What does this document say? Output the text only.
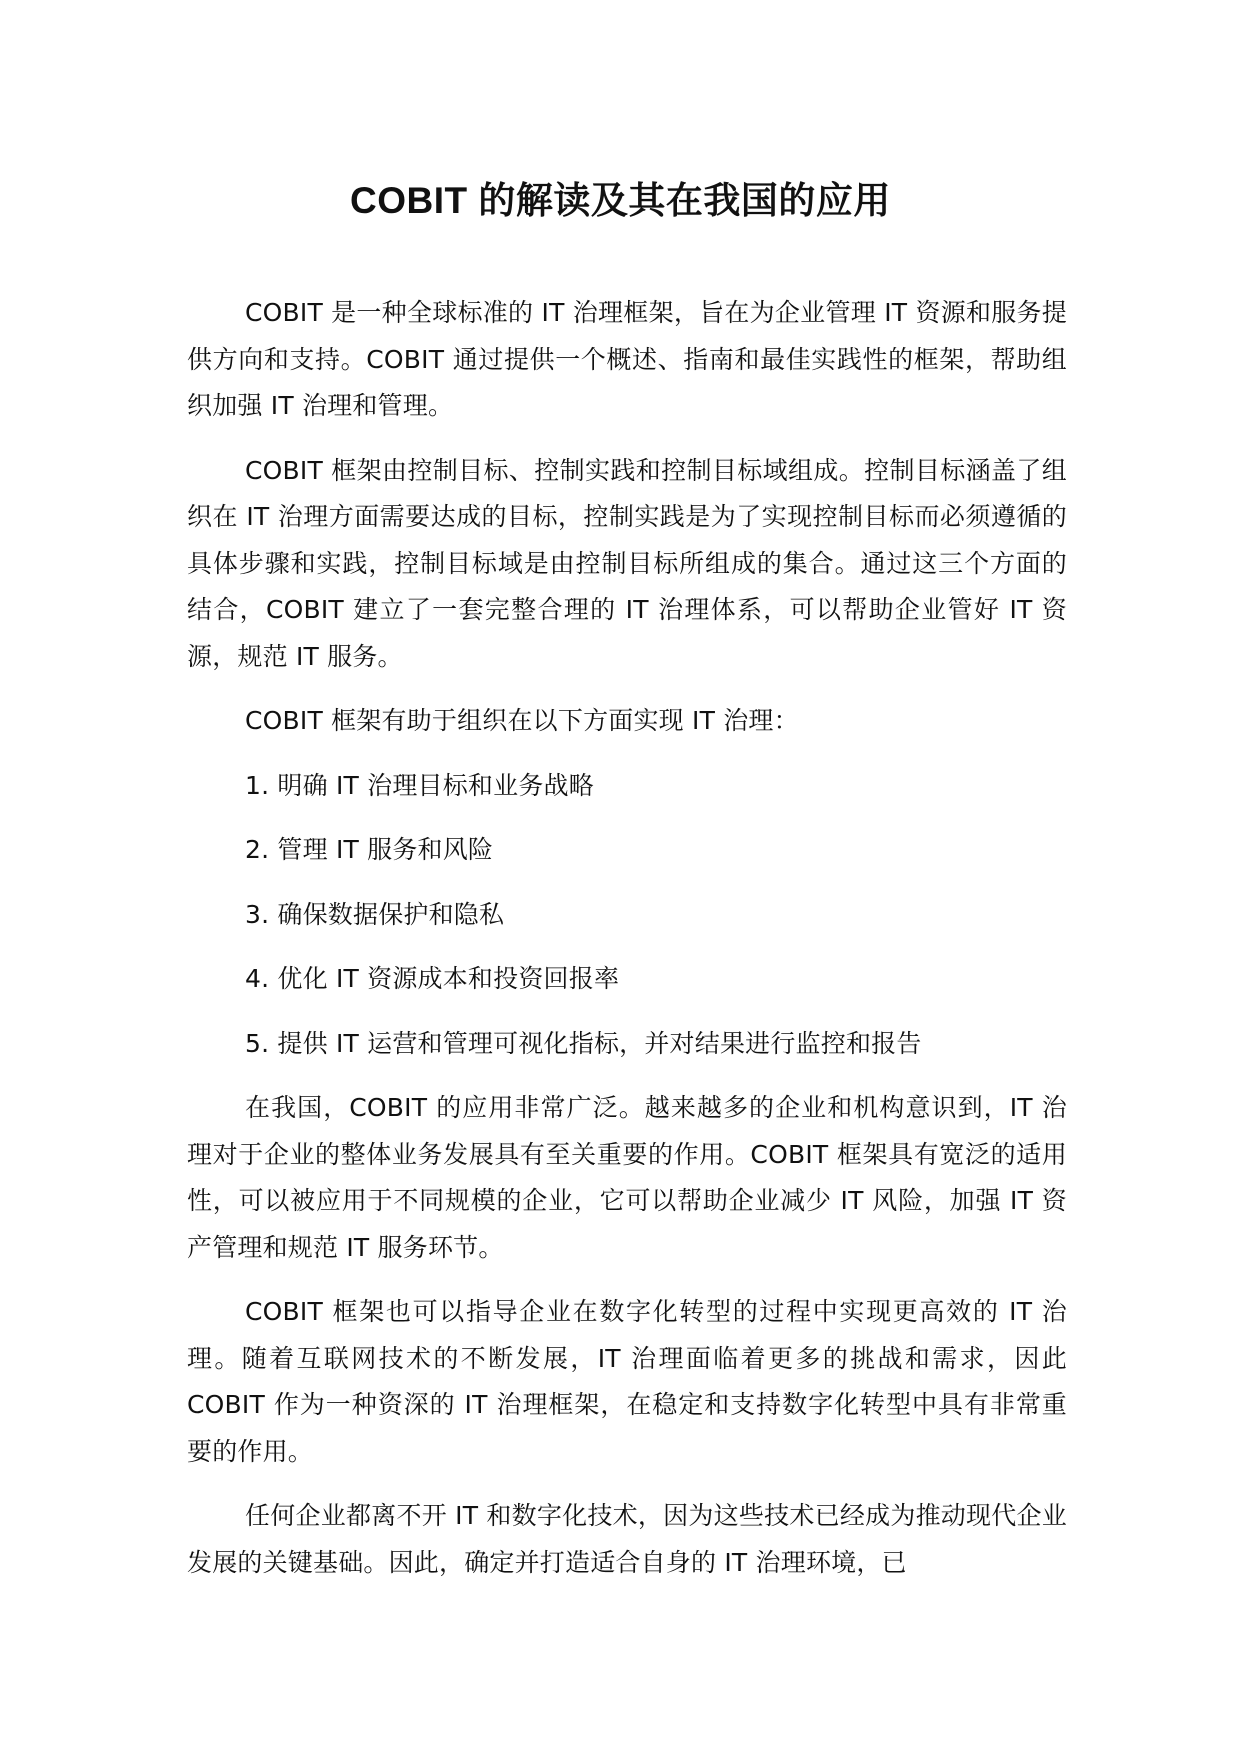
COBIT 的解读及其在我国的应用

COBIT 是一种全球标准的 IT 治理框架，旨在为企业管理 IT 资源和服务提供方向和支持。COBIT 通过提供一个概述、指南和最佳实践性的框架，帮助组织加强 IT 治理和管理。

COBIT 框架由控制目标、控制实践和控制目标域组成。控制目标涵盖了组织在 IT 治理方面需要达成的目标，控制实践是为了实现控制目标而必须遵循的具体步骤和实践，控制目标域是由控制目标所组成的集合。通过这三个方面的结合，COBIT 建立了一套完整合理的 IT 治理体系，可以帮助企业管好 IT 资源，规范 IT 服务。

COBIT 框架有助于组织在以下方面实现 IT 治理：

1. 明确 IT 治理目标和业务战略

2. 管理 IT 服务和风险

3. 确保数据保护和隐私

4. 优化 IT 资源成本和投资回报率

5. 提供 IT 运营和管理可视化指标，并对结果进行监控和报告

在我国，COBIT 的应用非常广泛。越来越多的企业和机构意识到，IT 治理对于企业的整体业务发展具有至关重要的作用。COBIT 框架具有宽泛的适用性，可以被应用于不同规模的企业，它可以帮助企业减少 IT 风险，加强 IT 资产管理和规范 IT 服务环节。

COBIT 框架也可以指导企业在数字化转型的过程中实现更高效的 IT 治理。随着互联网技术的不断发展，IT 治理面临着更多的挑战和需求，因此 COBIT 作为一种资深的 IT 治理框架，在稳定和支持数字化转型中具有非常重要的作用。

任何企业都离不开 IT 和数字化技术，因为这些技术已经成为推动现代企业发展的关键基础。因此，确定并打造适合自身的 IT 治理环境，已
